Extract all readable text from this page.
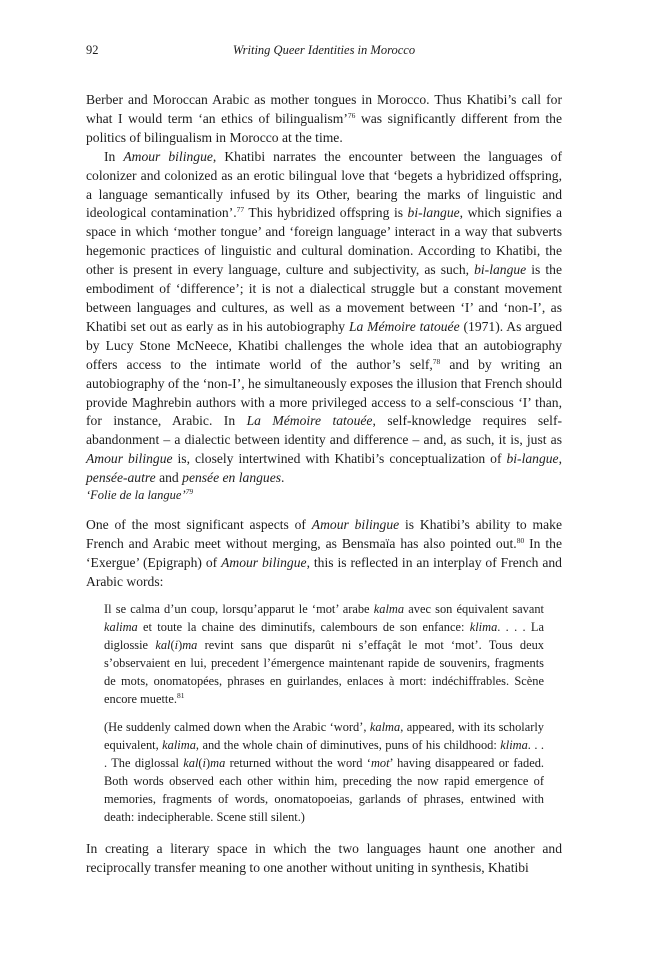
92	Writing Queer Identities in Morocco

Berber and Moroccan Arabic as mother tongues in Morocco. Thus Khatibi’s call for what I would term ‘an ethics of bilingualism’$^{76}$ was significantly different from the politics of bilingualism in Morocco at the time.

In Amour bilingue, Khatibi narrates the encounter between the languages of colonizer and colonized as an erotic bilingual love that ‘begets a hybridized offspring, a language semantically infused by its Other, bearing the marks of linguistic and ideological contamination’.$^{77}$ This hybridized offspring is bi-langue, which signifies a space in which ‘mother tongue’ and ‘foreign language’ interact in a way that subverts hegemonic practices of linguistic and cultural domination. According to Khatibi, the other is present in every language, culture and subjectivity, as such, bi-langue is the embodiment of ‘difference’; it is not a dialectical struggle but a constant movement between languages and cultures, as well as a movement between ‘I’ and ‘non-I’, as Khatibi set out as early as in his autobiography La Mémoire tatouée (1971). As argued by Lucy Stone McNeece, Khatibi challenges the whole idea that an autobiography offers access to the intimate world of the author’s self,$^{78}$ and by writing an autobiography of the ‘non-I’, he simultaneously exposes the illusion that French should provide Maghrebin authors with a more privileged access to a self-conscious ‘I’ than, for instance, Arabic. In La Mémoire tatouée, self-knowledge requires self-abandonment – a dialectic between identity and difference – and, as such, it is, just as Amour bilingue is, closely intertwined with Khatibi’s conceptualization of bi-langue, pensée-autre and pensée en langues.

‘Folie de la langue’$^{79}$

One of the most significant aspects of Amour bilingue is Khatibi’s ability to make French and Arabic meet without merging, as Bensmaïa has also pointed out.$^{80}$ In the ‘Exergue’ (Epigraph) of Amour bilingue, this is reflected in an interplay of French and Arabic words:

Il se calma d’un coup, lorsqu’apparut le ‘mot’ arabe kalma avec son équivalent savant kalima et toute la chaine des diminutifs, calembours de son enfance: klima. . . . La diglossie kal(i)ma revint sans que disparût ni s’effaçât le mot ‘mot’. Tous deux s’observaient en lui, precedent l’émergence maintenant rapide de souvenirs, fragments de mots, onomatopées, phrases en guirlandes, enlaces à mort: indéchiffrables. Scène encore muette.$^{81}$

(He suddenly calmed down when the Arabic ‘word’, kalma, appeared, with its scholarly equivalent, kalima, and the whole chain of diminutives, puns of his childhood: klima. . . . The diglossal kal(i)ma returned without the word ‘mot’ having disappeared or faded. Both words observed each other within him, preceding the now rapid emergence of memories, fragments of words, onomatopoeias, garlands of phrases, entwined with death: indecipherable. Scene still silent.)

In creating a literary space in which the two languages haunt one another and reciprocally transfer meaning to one another without uniting in synthesis, Khatibi
